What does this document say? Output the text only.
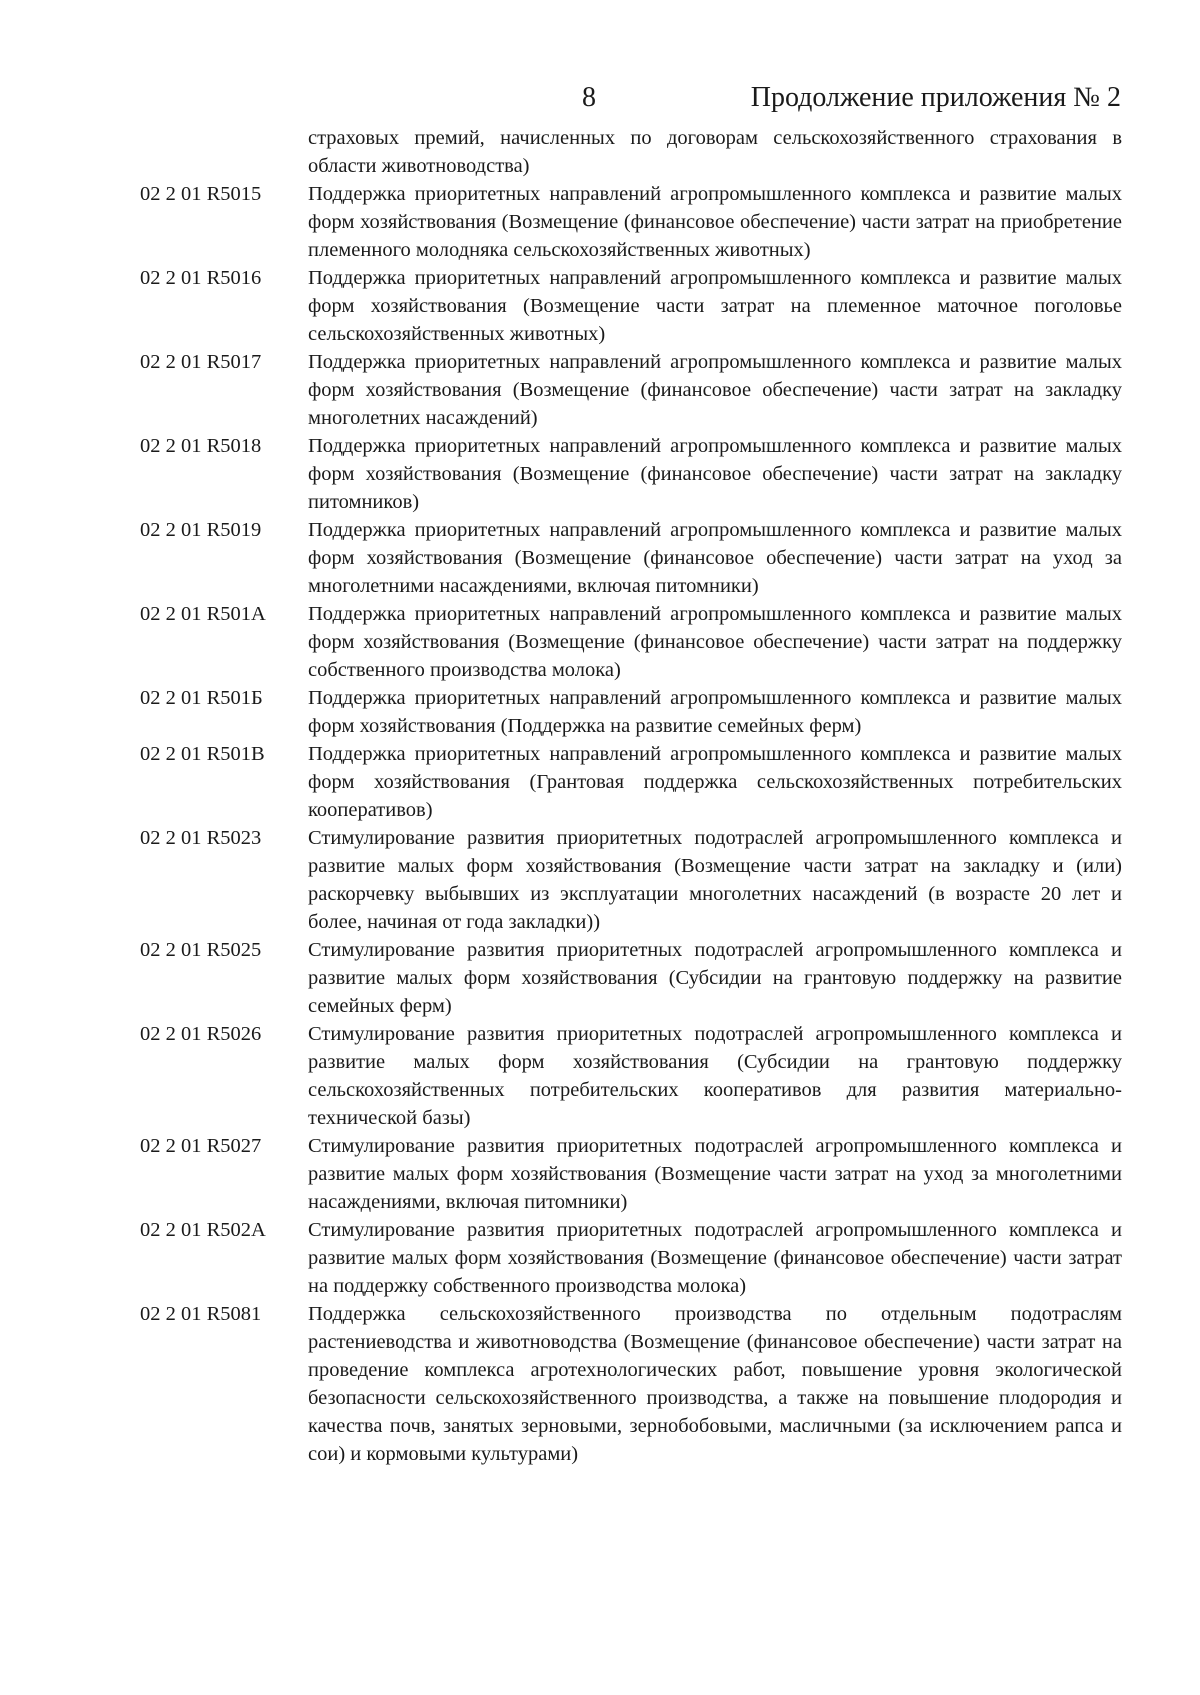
8	Продолжение приложения № 2
страховых премий, начисленных по договорам сельскохозяйственного страхования в области животноводства)
02 2 01 R5015	Поддержка приоритетных направлений агропромышленного комплекса и развитие малых форм хозяйствования (Возмещение (финансовое обеспечение) части затрат на приобретение племенного молодняка сельскохозяйственных животных)
02 2 01 R5016	Поддержка приоритетных направлений агропромышленного комплекса и развитие малых форм хозяйствования (Возмещение части затрат на племенное маточное поголовье сельскохозяйственных животных)
02 2 01 R5017	Поддержка приоритетных направлений агропромышленного комплекса и развитие малых форм хозяйствования (Возмещение (финансовое обеспечение) части затрат на закладку многолетних насаждений)
02 2 01 R5018	Поддержка приоритетных направлений агропромышленного комплекса и развитие малых форм хозяйствования (Возмещение (финансовое обеспечение) части затрат на закладку питомников)
02 2 01 R5019	Поддержка приоритетных направлений агропромышленного комплекса и развитие малых форм хозяйствования (Возмещение (финансовое обеспечение) части затрат на уход за многолетними насаждениями, включая питомники)
02 2 01 R501A	Поддержка приоритетных направлений агропромышленного комплекса и развитие малых форм хозяйствования (Возмещение (финансовое обеспечение) части затрат на поддержку собственного производства молока)
02 2 01 R501Б	Поддержка приоритетных направлений агропромышленного комплекса и развитие малых форм хозяйствования (Поддержка на развитие семейных ферм)
02 2 01 R501В	Поддержка приоритетных направлений агропромышленного комплекса и развитие малых форм хозяйствования (Грантовая поддержка сельскохозяйственных потребительских кооперативов)
02 2 01 R5023	Стимулирование развития приоритетных подотраслей агропромышленного комплекса и развитие малых форм хозяйствования (Возмещение части затрат на закладку и (или) раскорчевку выбывших из эксплуатации многолетних насаждений (в возрасте 20 лет и более, начиная от года закладки))
02 2 01 R5025	Стимулирование развития приоритетных подотраслей агропромышленного комплекса и развитие малых форм хозяйствования (Субсидии на грантовую поддержку на развитие семейных ферм)
02 2 01 R5026	Стимулирование развития приоритетных подотраслей агропромышленного комплекса и развитие малых форм хозяйствования (Субсидии на грантовую поддержку сельскохозяйственных потребительских кооперативов для развития материально-технической базы)
02 2 01 R5027	Стимулирование развития приоритетных подотраслей агропромышленного комплекса и развитие малых форм хозяйствования (Возмещение части затрат на уход за многолетними насаждениями, включая питомники)
02 2 01 R502A	Стимулирование развития приоритетных подотраслей агропромышленного комплекса и развитие малых форм хозяйствования (Возмещение (финансовое обеспечение) части затрат на поддержку собственного производства молока)
02 2 01 R5081	Поддержка сельскохозяйственного производства по отдельным подотраслям растениеводства и животноводства (Возмещение (финансовое обеспечение) части затрат на проведение комплекса агротехнологических работ, повышение уровня экологической безопасности сельскохозяйственного производства, а также на повышение плодородия и качества почв, занятых зерновыми, зернобобовыми, масличными (за исключением рапса и сои) и кормовыми культурами)
